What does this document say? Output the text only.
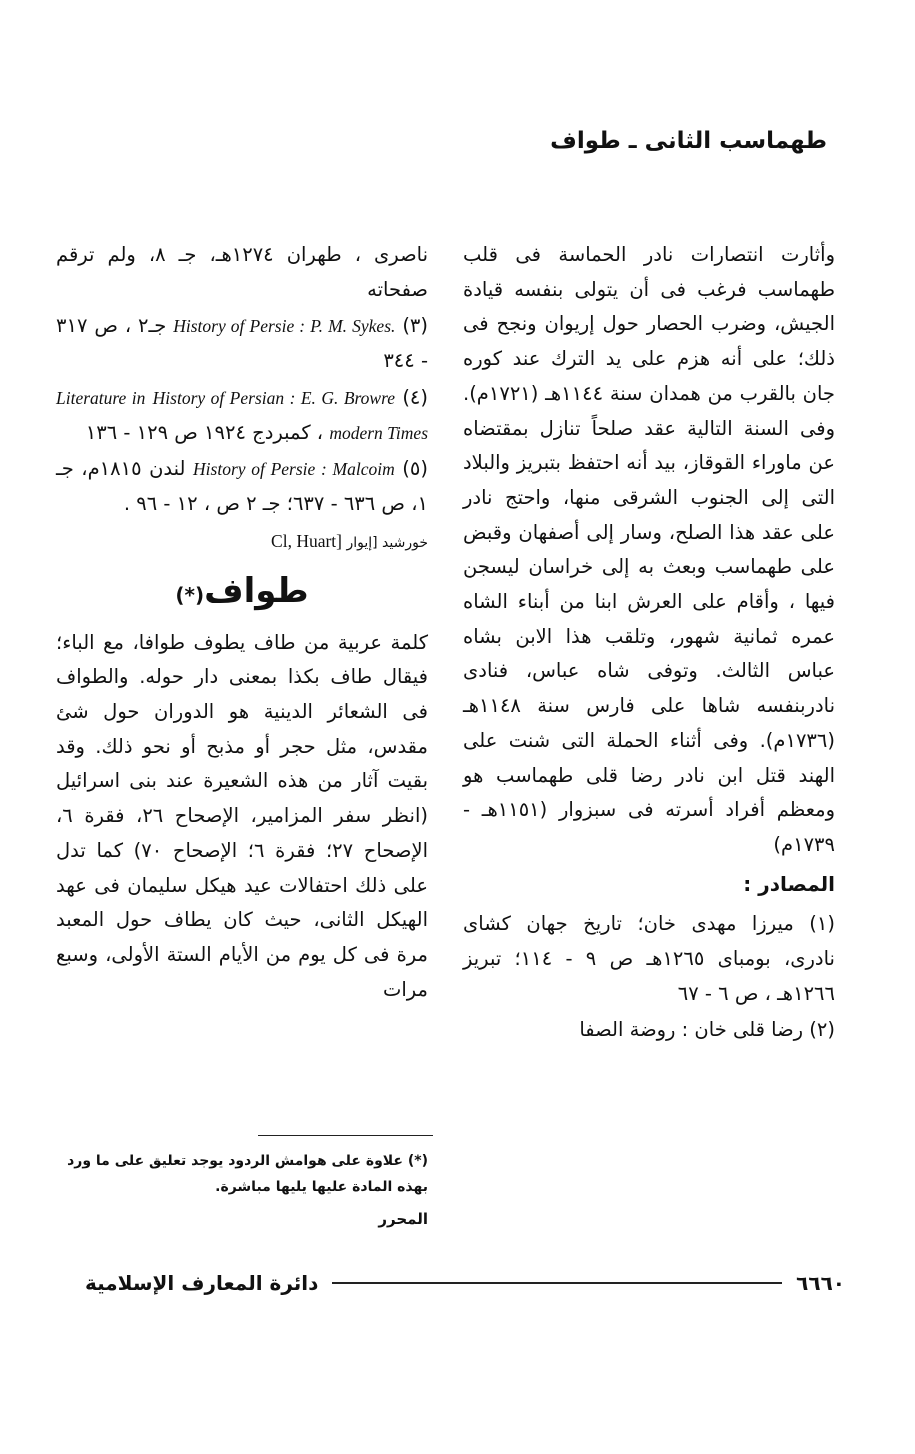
طهماسب الثانى ـ طواف

وأثارت انتصارات نادر الحماسة فى قلب طهماسب فرغب فى أن يتولى بنفسه قيادة الجيش، وضرب الحصار حول إريوان ونجح فى ذلك؛ على أنه هزم على يد الترك عند كوره جان بالقرب من همدان سنة ١١٤٤هـ (١٧٢١م). وفى السنة التالية عقد صلحاً تنازل بمقتضاه عن ماوراء القوقاز، بيد أنه احتفظ بتبريز والبلاد التى إلى الجنوب الشرقى منها، واحتج نادر على عقد هذا الصلح، وسار إلى أصفهان وقبض على طهماسب وبعث به إلى خراسان ليسجن فيها ، وأقام على العرش ابنا من أبناء الشاه عمره ثمانية شهور، وتلقب هذا الابن بشاه عباس الثالث. وتوفى شاه عباس، فنادى نادربنفسه شاها على فارس سنة ١١٤٨هـ (١٧٣٦م). وفى أثناء الحملة التى شنت على الهند قتل ابن نادر رضا قلى طهماسب هو ومعظم أفراد أسرته فى سبزوار (١١٥١هـ - ١٧٣٩م)

المصادر :

(١) ميرزا مهدى خان؛ تاريخ جهان كشاى نادرى، بومباى ١٢٦٥هـ ص ٩ - ١١٤؛ تبريز ١٢٦٦هـ ، ص ٦ - ٦٧

(٢) رضا قلى خان : روضة الصفا

ناصرى ، طهران ١٢٧٤هـ، جـ ٨، ولم ترقم صفحاته

(٣) History of Persie : P. M. Sykes. جـ٢ ، ص ٣١٧ - ٣٤٤

(٤) History of Persian : E. G. Browre Literature in modern Times ، كمبردج ١٩٢٤ ص ١٢٩ - ١٣٦

(٥) History of Persie : Malcoim لندن ١٨١٥م، جـ ١، ص ٦٣٦ - ٦٣٧؛ جـ ٢ ص ، ١٢ - ٩٦ .

خورشيد [إيوار Cl, Huart]

طواف(*)

كلمة عربية من طاف يطوف طوافا، مع الباء؛ فيقال طاف بكذا بمعنى دار حوله. والطواف فى الشعائر الدينية هو الدوران حول شئ مقدس، مثل حجر أو مذبح أو نحو ذلك. وقد بقيت آثار من هذه الشعيرة عند بنى اسرائيل (انظر سفر المزامير، الإصحاح ٢٦، فقرة ٦، الإصحاح ٢٧؛ فقرة ٦؛ الإصحاح ٧٠) كما تدل على ذلك احتفالات عيد هيكل سليمان فى عهد الهيكل الثانى، حيث كان يطاف حول المعبد مرة فى كل يوم من الأيام الستة الأولى، وسبع مرات

(*) علاوة على هوامش الردود يوجد تعليق على ما ورد بهذه المادة عليها يليها مباشرة.

المحرر

٦٦٦٠
دائرة المعارف الإسلامية
